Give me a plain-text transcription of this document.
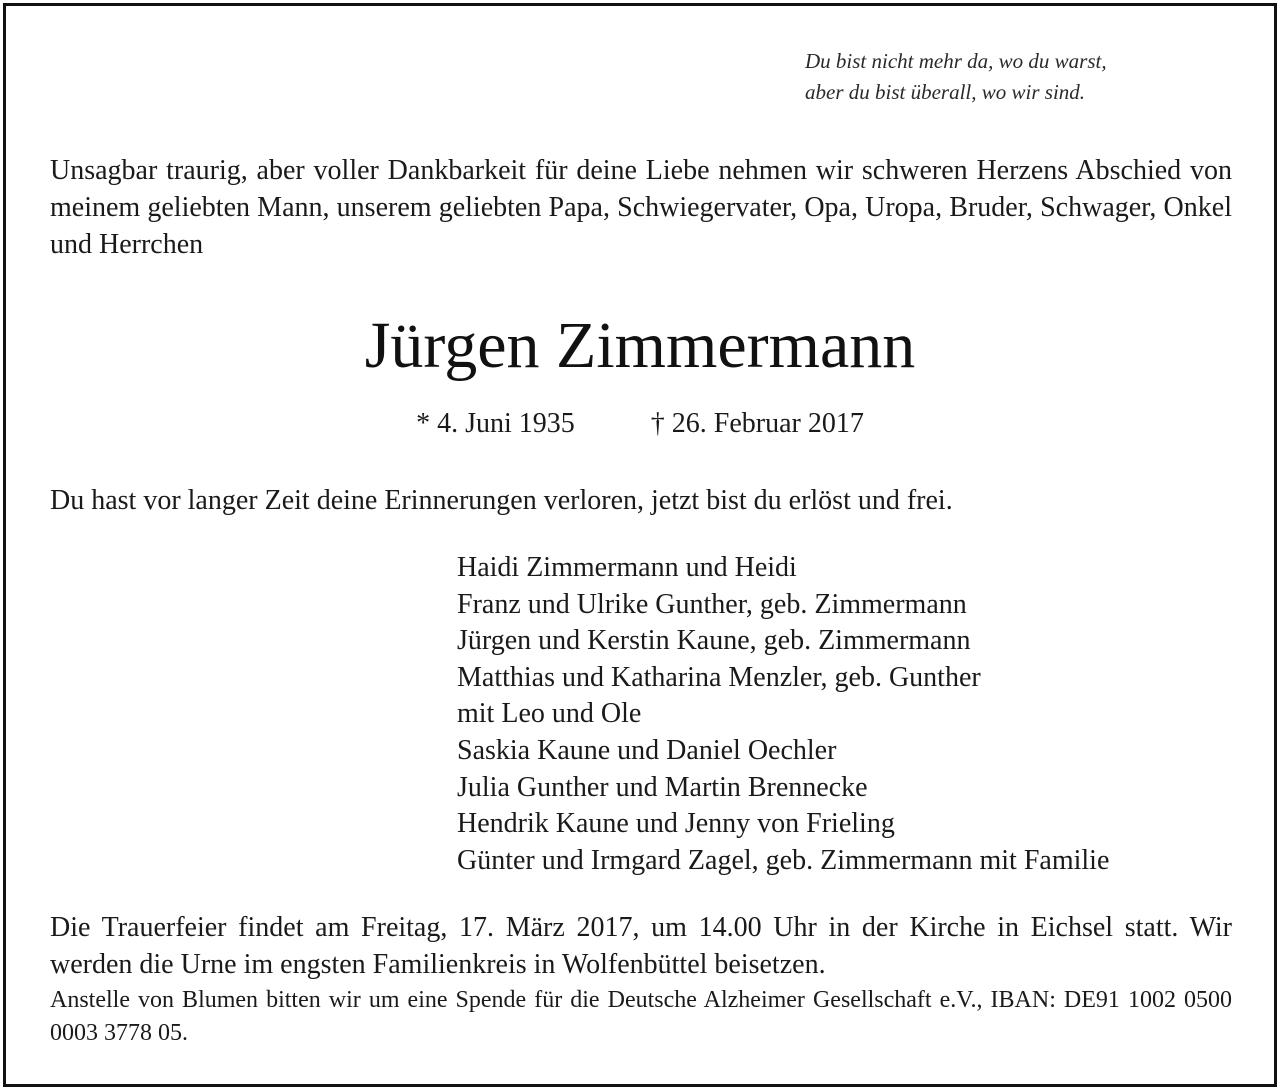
Du bist nicht mehr da, wo du warst,
aber du bist überall, wo wir sind.
Unsagbar traurig, aber voller Dankbarkeit für deine Liebe nehmen wir schweren Herzens Abschied von meinem geliebten Mann, unserem geliebten Papa, Schwiegervater, Opa, Uropa, Bruder, Schwager, Onkel und Herrchen
Jürgen Zimmermann
* 4. Juni 1935	† 26. Februar 2017
Du hast vor langer Zeit deine Erinnerungen verloren, jetzt bist du erlöst und frei.
Haidi Zimmermann und Heidi
Franz und Ulrike Gunther, geb. Zimmermann
Jürgen und Kerstin Kaune, geb. Zimmermann
Matthias und Katharina Menzler, geb. Gunther
mit Leo und Ole
Saskia Kaune und Daniel Oechler
Julia Gunther und Martin Brennecke
Hendrik Kaune und Jenny von Frieling
Günter und Irmgard Zagel, geb. Zimmermann mit Familie
Die Trauerfeier findet am Freitag, 17. März 2017, um 14.00 Uhr in der Kirche in Eichsel statt. Wir werden die Urne im engsten Familienkreis in Wolfenbüttel beisetzen.
Anstelle von Blumen bitten wir um eine Spende für die Deutsche Alzheimer Gesellschaft e.V., IBAN: DE91 1002 0500 0003 3778 05.
